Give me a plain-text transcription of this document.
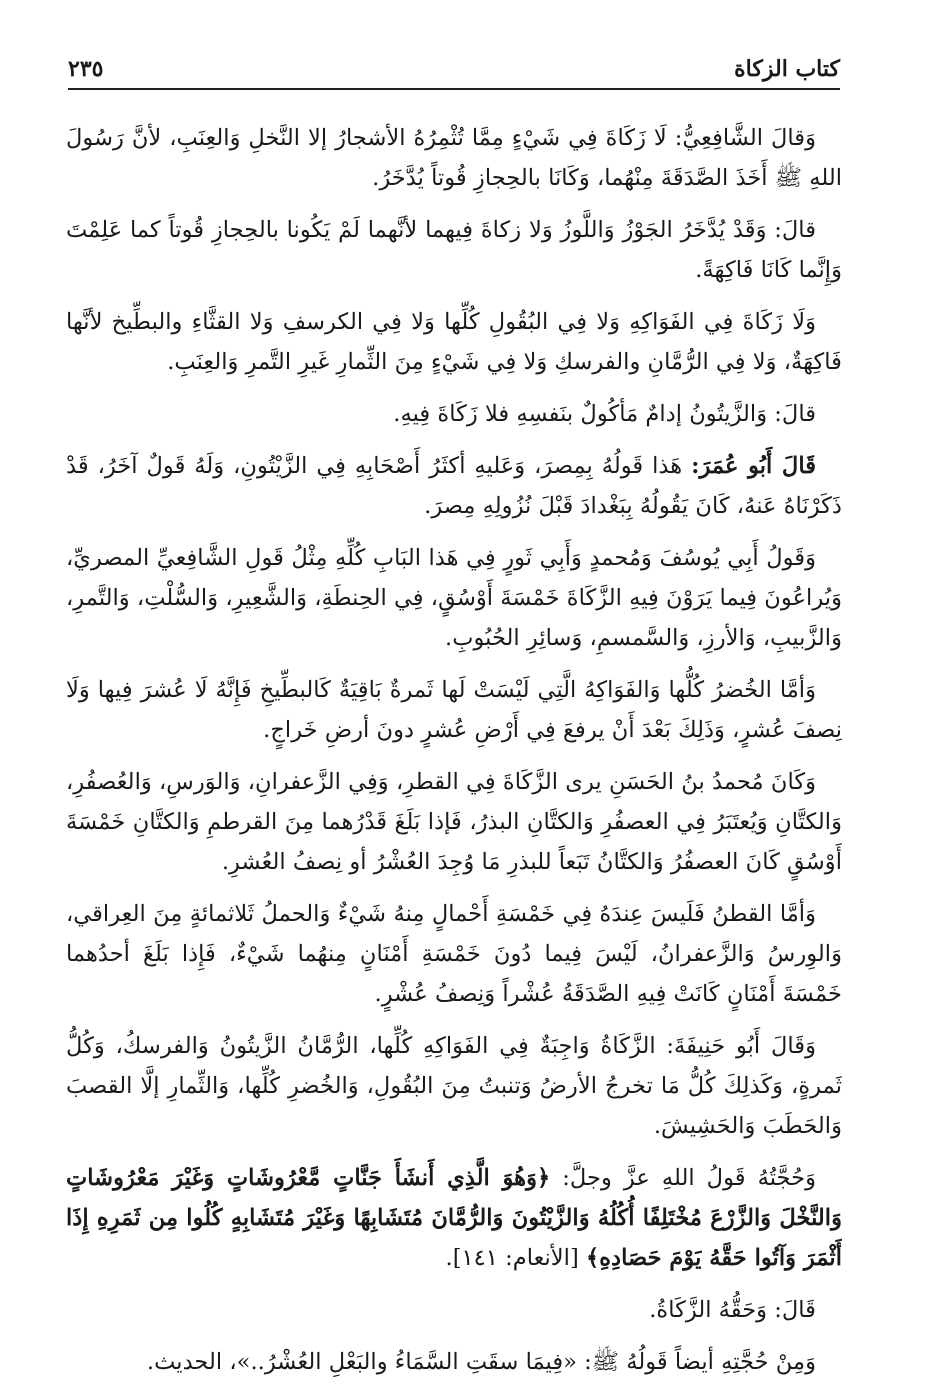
كتاب الزكاة
٢٣٥

وَقالَ الشَّافِعِيُّ: لَا زَكَاةَ فِي شَيْءٍ مِمَّا تُثْمِرُهُ الأشجارُ إلا النَّخلِ وَالعِنَبِ، لأنَّ رَسُولَ اللهِ ﷺ أَخَذَ الصَّدَقَةَ مِنْهُما، وَكَانَا بالحِجازِ قُوتاً يُدَّخَرُ.

قالَ: وَقَدْ يُدَّخَرُ الجَوْزُ وَاللَّوزُ وَلا زكاةَ فِيهما لأنَّهما لَمْ يَكُونا بالحِجازِ قُوتاً كما عَلِمْتَ وَإِنَّما كَانَا فَاكِهَةً.

وَلَا زَكَاةَ فِي الفَوَاكِهِ وَلا فِي البُقُولِ كُلِّها وَلا فِي الكرسفِ وَلا القثَّاءِ والبطِّيخ لأنَّها فَاكِهَةٌ، وَلا فِي الرُّمَّانِ والفرسكِ وَلا فِي شَيْءٍ مِنَ الثِّمارِ غَيرِ التَّمرِ وَالعِنَبِ.

قالَ: وَالزَّيتُونُ إدامٌ مَأكُولٌ بنَفسِهِ فلا زَكَاةَ فِيهِ.

قَالَ أَبُو عُمَرَ: هَذا قَولُهُ بِمِصرَ، وَعَليهِ أكثَرُ أَصْحَابِهِ فِي الزَّيْتُونِ، وَلَهُ قَولٌ آخَرُ، قَدْ ذَكَرْنَاهُ عَنهُ، كَانَ يَقُولُهُ بِبَغْدادَ قَبْلَ نُزُولِهِ مِصرَ.

وَقَولُ أَبِي يُوسُفَ وَمُحمدٍ وَأَبِي ثَورٍ فِي هَذا البَابِ كُلِّهِ مِثْلُ قَولِ الشَّافِعيِّ المصريِّ، وَيُراعُونَ فِيما يَرَوْنَ فِيهِ الزَّكَاةَ خَمْسَةَ أَوْسُقٍ، فِي الحِنطَةِ، وَالشَّعِيرِ، وَالسُّلْتِ، وَالتَّمرِ، وَالزَّبيبِ، وَالأرزِ، وَالسَّمسمِ، وَسائِرِ الحُبُوبِ.

وَأمَّا الخُضرُ كُلُّها وَالفَوَاكِهُ الَّتِي لَيْسَتْ لَها ثَمرةٌ بَاقِيَةٌ كَالبطِّيخِ فَإِنَّهُ لَا عُشرَ فِيها وَلَا نِصفَ عُشرٍ، وَذَلِكَ بَعْدَ أَنْ يرفعَ فِي أَرْضِ عُشرٍ دونَ أرضِ خَراجٍ.

وَكَانَ مُحمدُ بنُ الحَسَنِ يرى الزَّكَاةَ فِي القطرِ، وَفِي الزَّعفرانِ، وَالوَرسِ، وَالعُصفُرِ، وَالكتَّانِ وَيُعتَبَرُ فِي العصفُرِ وَالكتَّانِ البذرُ، فَإذا بَلَغَ قَدْرُهما مِنَ القرطمِ وَالكتَّانِ خَمْسَةَ أَوْسُقٍ كَانَ العصفُرُ وَالكتَّانُ تَبَعاً للبذرِ مَا وُجِدَ العُشْرُ أو نِصفُ العُشرِ.

وَأمَّا القطنُ فَلَيسَ عِندَهُ فِي خَمْسَةِ أَحْمالٍ مِنهُ شَيْءٌ وَالحملُ ثَلاثمائةٍ مِنَ العِراقي، وَالوِرسُ وَالزَّعفرانُ، لَيْسَ فِيما دُونَ خَمْسَةِ أَمْنَانٍ مِنهُما شَيْءٌ، فَإِذا بَلَغَ أحدُهما خَمْسَةَ أَمْنَانٍ كَانَتْ فِيهِ الصَّدَقَةُ عُشْراً وَنِصفُ عُشْرٍ.

وَقَالَ أَبُو حَنِيفَةَ: الزَّكَاةُ وَاجِبَةٌ فِي الفَوَاكِهِ كُلِّها، الرُّمَّانُ الزَّيتُونُ وَالفرسكُ، وَكُلُّ ثَمرةٍ، وَكَذلِكَ كُلُّ مَا تخرجُ الأرضُ وَتنبتُ مِنَ البُقُولِ، وَالخُضرِ كُلِّها، وَالثِّمارِ إلَّا القصبَ وَالحَطَبَ وَالحَشِيشَ.

وَحُجَّتُهُ قَولُ اللهِ عزَّ وجلَّ: ﴿وَهُوَ الَّذِي أَنشَأَ جَنَّاتٍ مَّعْرُوشَاتٍ وَغَيْرَ مَعْرُوشَاتٍ وَالنَّخْلَ وَالزَّرْعَ مُخْتَلِفًا أُكُلُهُ وَالزَّيْتُونَ وَالرُّمَّانَ مُتَشَابِهًا وَغَيْرَ مُتَشَابِهٍ كُلُوا مِن ثَمَرِهِ إِذَا أَثْمَرَ وَآتُوا حَقَّهُ يَوْمَ حَصَادِهِ﴾ [الأنعام: ١٤١].

قَالَ: وَحَقُّهُ الزَّكَاةُ.

وَمِنْ حُجَّتِهِ أيضاً قَولُهُ ﷺ: «فِيمَا سقَتِ السَّمَاءُ والبَعْلِ العُشْرُ..»، الحديث.
